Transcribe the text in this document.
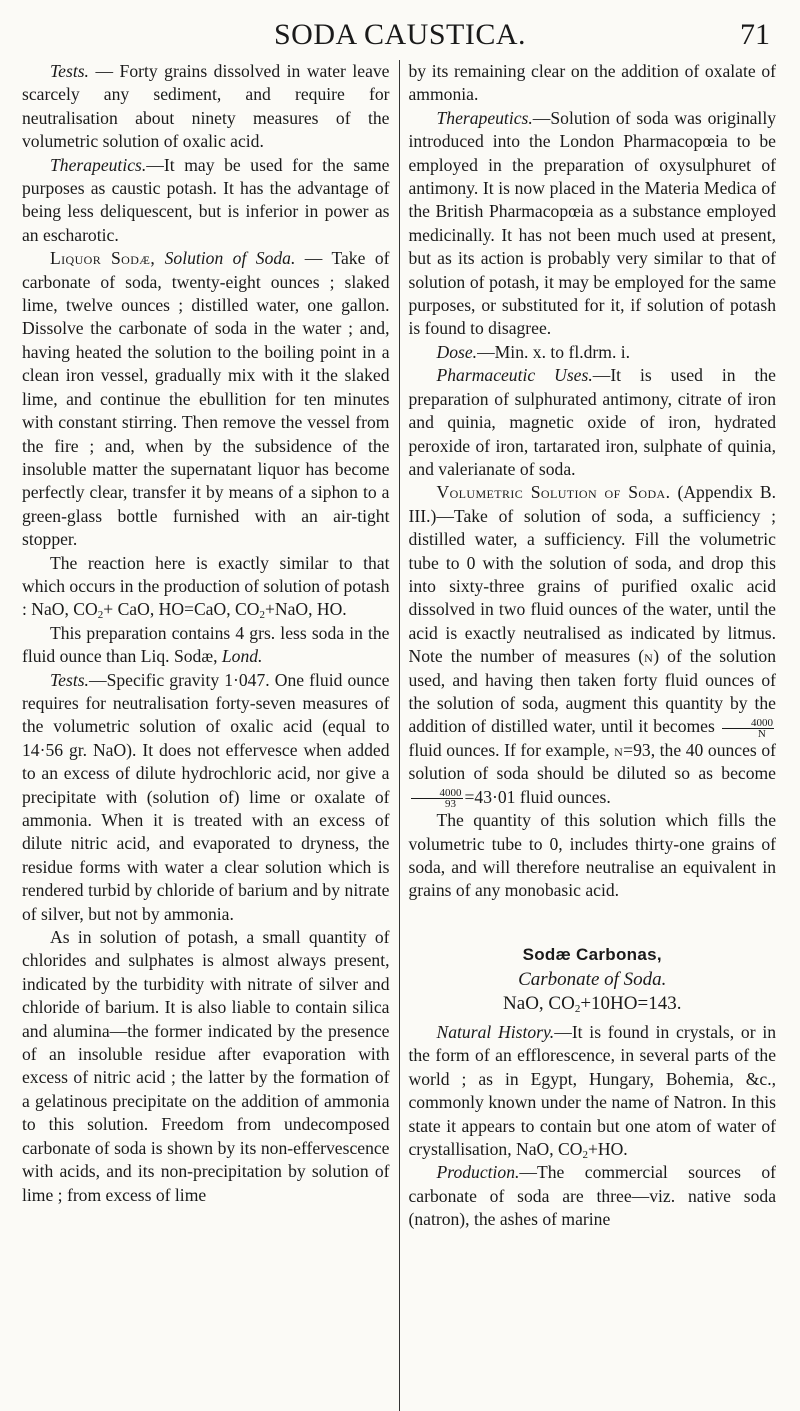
SODA CAUSTICA.	71

Tests. — Forty grains dissolved in water leave scarcely any sediment, and require for neutralisation about ninety measures of the volumetric solution of oxalic acid.

Therapeutics.—It may be used for the same purposes as caustic potash. It has the advantage of being less deliquescent, but is inferior in power as an escharotic.

Liquor Sodæ, Solution of Soda. — Take of carbonate of soda, twenty-eight ounces ; slaked lime, twelve ounces ; distilled water, one gallon. Dissolve the carbonate of soda in the water ; and, having heated the solution to the boiling point in a clean iron vessel, gradually mix with it the slaked lime, and continue the ebullition for ten minutes with constant stirring. Then remove the vessel from the fire ; and, when by the subsidence of the insoluble matter the supernatant liquor has become perfectly clear, transfer it by means of a siphon to a green-glass bottle furnished with an air-tight stopper.

The reaction here is exactly similar to that which occurs in the production of solution of potash : NaO, $CO_2+$ CaO, HO=CaO, $CO_2+NaO$, HO.

This preparation contains 4 grs. less soda in the fluid ounce than Liq. Sodæ, Lond.

Tests.—Specific gravity 1·047. One fluid ounce requires for neutralisation forty-seven measures of the volumetric solution of oxalic acid (equal to 14·56 gr. NaO). It does not effervesce when added to an excess of dilute hydrochloric acid, nor give a precipitate with (solution of) lime or oxalate of ammonia. When it is treated with an excess of dilute nitric acid, and evaporated to dryness, the residue forms with water a clear solution which is rendered turbid by chloride of barium and by nitrate of silver, but not by ammonia.

As in solution of potash, a small quantity of chlorides and sulphates is almost always present, indicated by the turbidity with nitrate of silver and chloride of barium. It is also liable to contain silica and alumina—the former indicated by the presence of an insoluble residue after evaporation with excess of nitric acid ; the latter by the formation of a gelatinous precipitate on the addition of ammonia to this solution. Freedom from undecomposed carbonate of soda is shown by its non-effervescence with acids, and its non-precipitation by solution of lime ; from excess of lime

by its remaining clear on the addition of oxalate of ammonia.

Therapeutics.—Solution of soda was originally introduced into the London Pharmacopœia to be employed in the preparation of oxysulphuret of antimony. It is now placed in the Materia Medica of the British Pharmacopœia as a substance employed medicinally. It has not been much used at present, but as its action is probably very similar to that of solution of potash, it may be employed for the same purposes, or substituted for it, if solution of potash is found to disagree.

Dose.—Min. x. to fl.drm. i.

Pharmaceutic Uses.—It is used in the preparation of sulphurated antimony, citrate of iron and quinia, magnetic oxide of iron, hydrated peroxide of iron, tartarated iron, sulphate of quinia, and valerianate of soda.

Volumetric Solution of Soda. (Appendix B. III.)—Take of solution of soda, a sufficiency ; distilled water, a sufficiency. Fill the volumetric tube to 0 with the solution of soda, and drop this into sixty-three grains of purified oxalic acid dissolved in two fluid ounces of the water, until the acid is exactly neutralised as indicated by litmus. Note the number of measures (n) of the solution used, and having then taken forty fluid ounces of the solution of soda, augment this quantity by the addition of distilled water, until it becomes $\frac{4000}{N}$
fluid ounces. If for example, n=93, the 40 ounces of solution of soda should be diluted so as become
$\frac{4000}{93} =43\cdot 01$ fluid ounces.

The quantity of this solution which fills the volumetric tube to 0, includes thirty-one grains of soda, and will therefore neutralise an equivalent in grains of any monobasic acid.

Sodæ Carbonas,

Carbonate of Soda.

NaO, $CO_2+10HO=143$.

Natural History.—It is found in crystals, or in the form of an efflorescence, in several parts of the world ; as in Egypt, Hungary, Bohemia, &c., commonly known under the name of Natron. In this state it appears to contain but one atom of water of crystallisation, NaO, $CO_2+HO$.

Production.—The commercial sources of carbonate of soda are three—viz. native soda (natron), the ashes of marine
